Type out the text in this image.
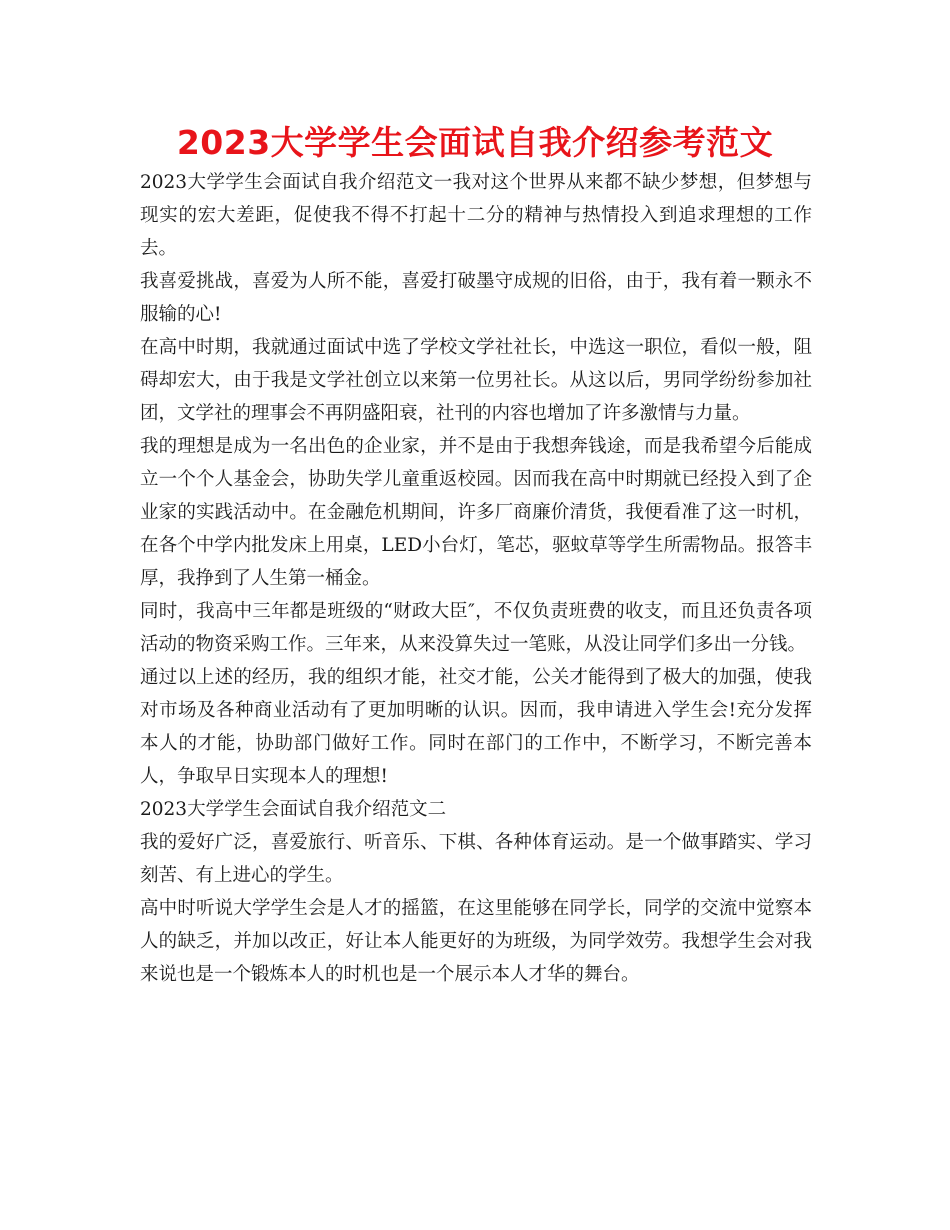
2023大学学生会面试自我介绍参考范文

2023大学学生会面试自我介绍范文一我对这个世界从来都不缺少梦想，但梦想与现实的宏大差距，促使我不得不打起十二分的精神与热情投入到追求理想的工作去。

我喜爱挑战，喜爱为人所不能，喜爱打破墨守成规的旧俗，由于，我有着一颗永不服输的心!

在高中时期，我就通过面试中选了学校文学社社长，中选这一职位，看似一般，阻碍却宏大，由于我是文学社创立以来第一位男社长。从这以后，男同学纷纷参加社团，文学社的理事会不再阴盛阳衰，社刊的内容也增加了许多激情与力量。

我的理想是成为一名出色的企业家，并不是由于我想奔钱途，而是我希望今后能成立一个个人基金会，协助失学儿童重返校园。因而我在高中时期就已经投入到了企业家的实践活动中。在金融危机期间，许多厂商廉价清货，我便看准了这一时机，在各个中学内批发床上用桌，LED小台灯，笔芯，驱蚊草等学生所需物品。报答丰厚，我挣到了人生第一桶金。

同时，我高中三年都是班级的“财政大臣″，不仅负责班费的收支，而且还负责各项活动的物资采购工作。三年来，从来没算失过一笔账，从没让同学们多出一分钱。

通过以上述的经历，我的组织才能，社交才能，公关才能得到了极大的加强，使我对市场及各种商业活动有了更加明晰的认识。因而，我申请进入学生会!充分发挥本人的才能，协助部门做好工作。同时在部门的工作中，不断学习，不断完善本人，争取早日实现本人的理想!

2023大学学生会面试自我介绍范文二

我的爱好广泛，喜爱旅行、听音乐、下棋、各种体育运动。是一个做事踏实、学习刻苦、有上进心的学生。

高中时听说大学学生会是人才的摇篮，在这里能够在同学长，同学的交流中觉察本人的缺乏，并加以改正，好让本人能更好的为班级，为同学效劳。我想学生会对我来说也是一个锻炼本人的时机也是一个展示本人才华的舞台。
